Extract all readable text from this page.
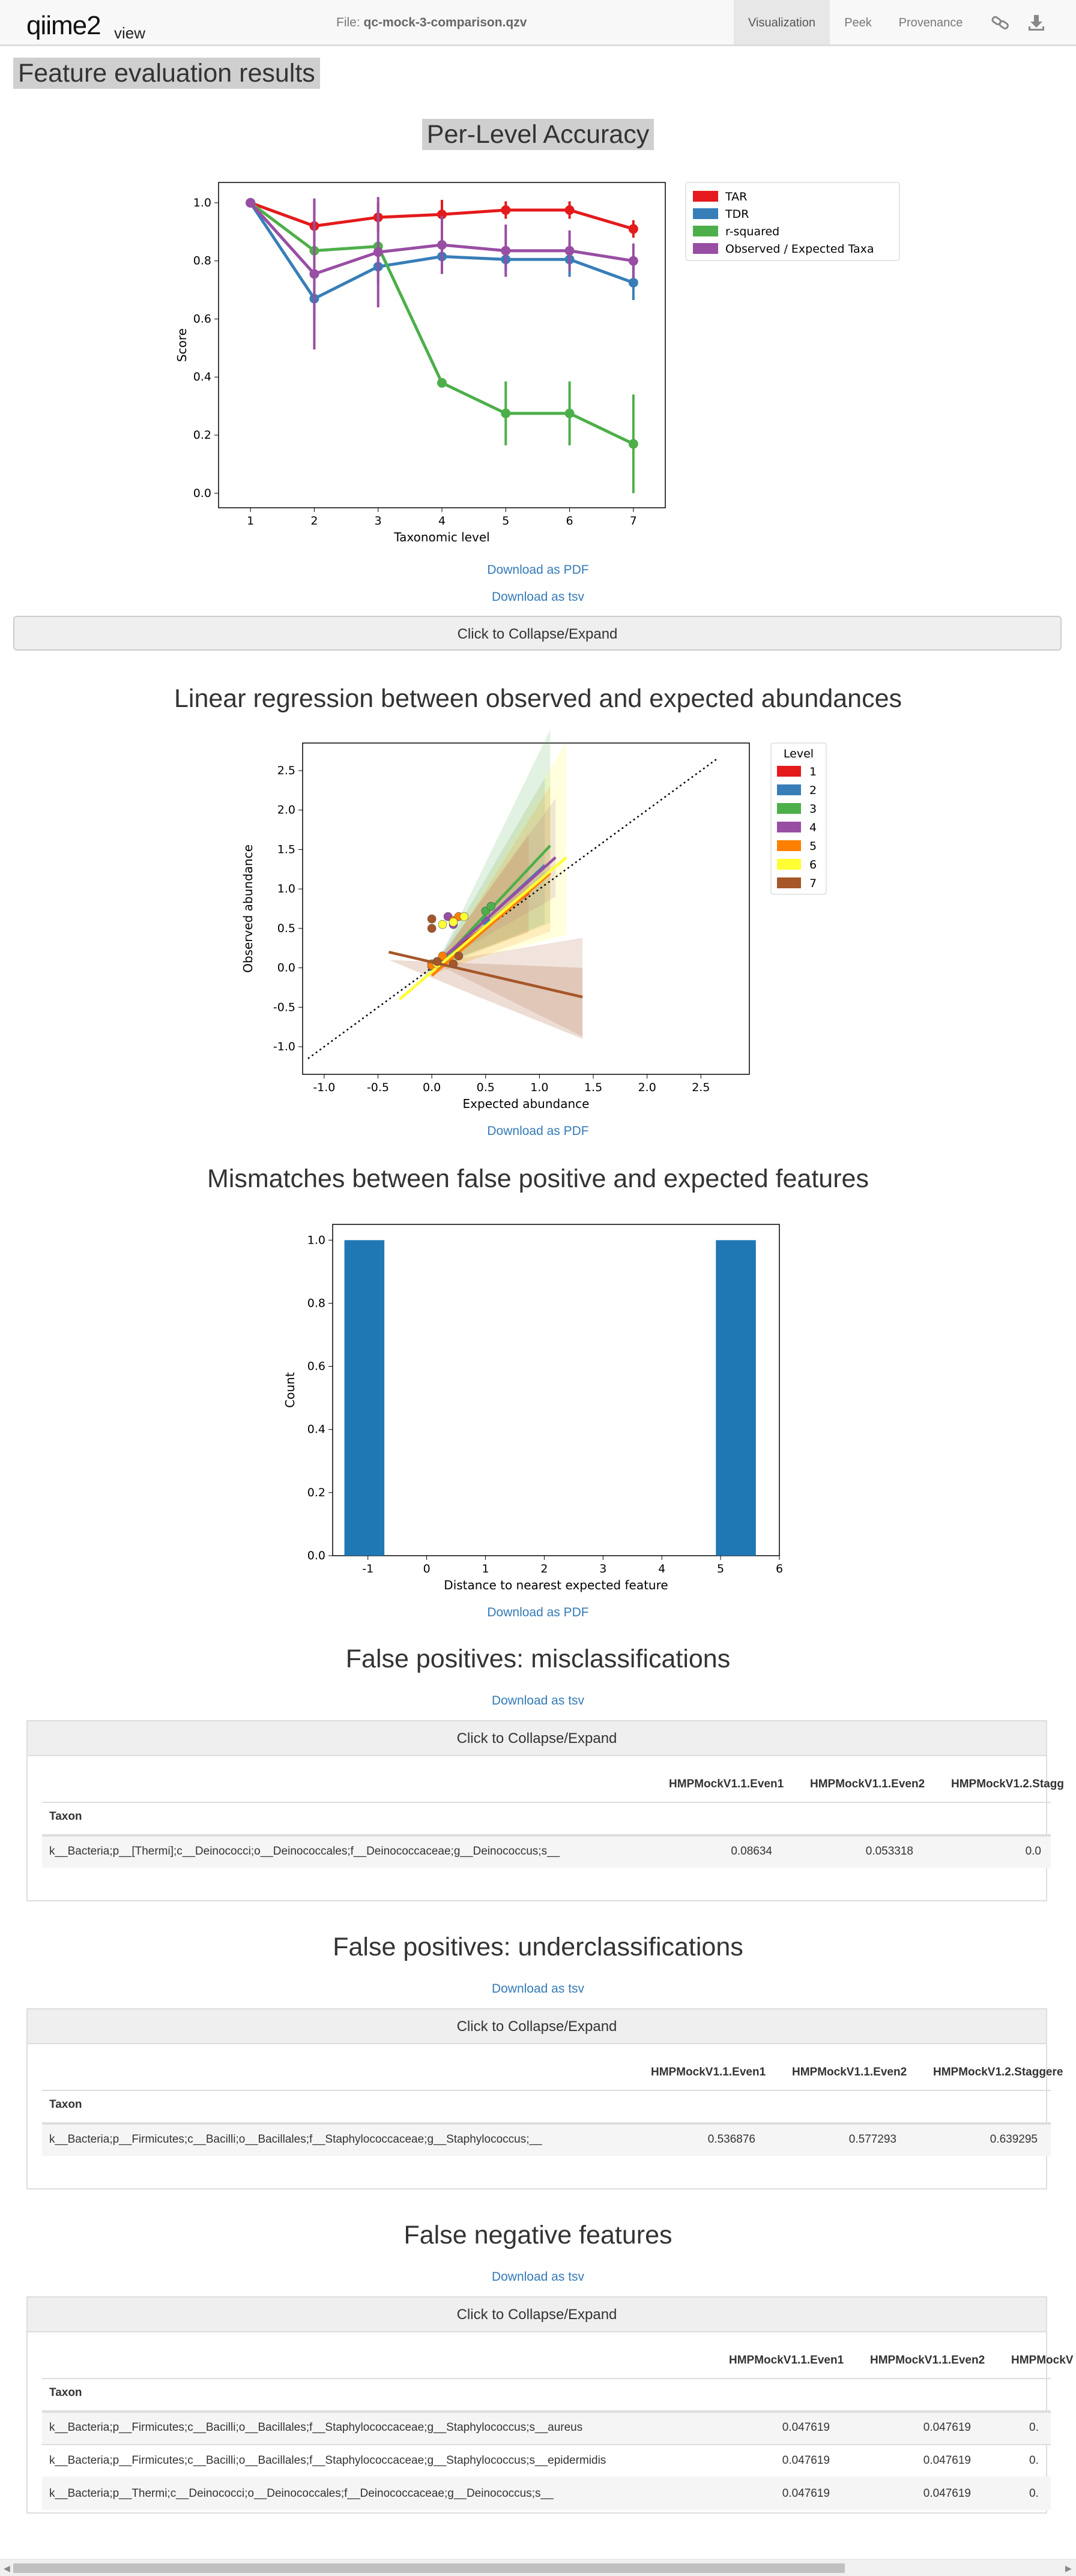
qiime2 view
File: qc-mock-3-comparison.qzv	Visualization	Peek	Provenance
Feature evaluation results
Per-Level Accuracy
1	2	3	4	5	6	7
0.0
0.2
0.4
0.6
0.8
1.0
Taxonomic level
Score
TAR
TDR
r-squared
Observed / Expected Taxa
Download as PDF
Download as tsv
Click to Collapse/Expand
Linear regression between observed and expected abundances
-1.0	-0.5	0.0	0.5	1.0	1.5	2.0	2.5
-1.0
-0.5
0.0
0.5
1.0
1.5
2.0
2.5
Expected abundance
Observed abundance
Level
1
2
3
4
5
6
7
Download as PDF
Mismatches between false positive and expected features
-1	0	1	2	3	4	5	6
0.0
0.2
0.4
0.6
0.8
1.0
Distance to nearest expected feature
Count
Download as PDF
False positives: misclassifications
Download as tsv
Click to Collapse/Expand
HMPMockV1.1.Even1 HMPMockV1.1.Even2 HMPMockV1.2.Stagg
Taxon
k__Bacteria;p__[Thermi];c__Deinococci;o__Deinococcales;f__Deinococcaceae;g__Deinococcus;s__	0.08634	0.053318	0.0
False positives: underclassifications
Download as tsv
Click to Collapse/Expand
HMPMockV1.1.Even1 HMPMockV1.1.Even2 HMPMockV1.2.Staggere
Taxon
k__Bacteria;p__Firmicutes;c__Bacilli;o__Bacillales;f__Staphylococcaceae;g__Staphylococcus;__	0.536876	0.577293	0.639295
False negative features
Download as tsv
Click to Collapse/Expand
HMPMockV1.1.Even1 HMPMockV1.1.Even2 HMPMockV
Taxon
k__Bacteria;p__Firmicutes;c__Bacilli;o__Bacillales;f__Staphylococcaceae;g__Staphylococcus;s__aureus	0.047619	0.047619	0.
k__Bacteria;p__Firmicutes;c__Bacilli;o__Bacillales;f__Staphylococcaceae;g__Staphylococcus;s__epidermidis	0.047619	0.047619	0.
k__Bacteria;p__Thermi;c__Deinococci;o__Deinococcales;f__Deinococcaceae;g__Deinococcus;s__	0.047619	0.047619	0.
◀	▶
